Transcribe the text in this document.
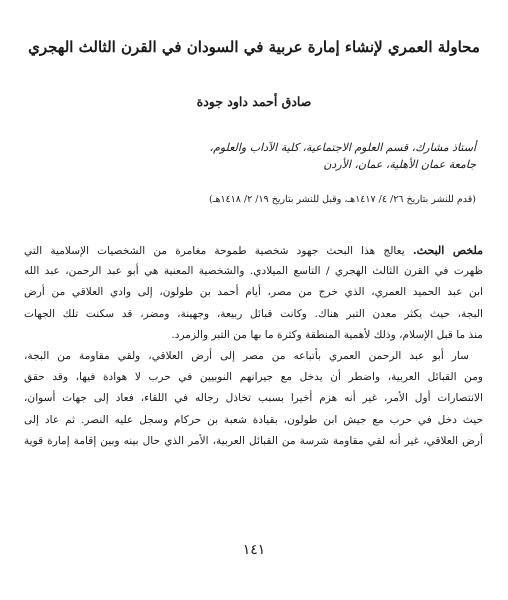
محاولة العمري لإنشاء إمارة عربية في السودان في القرن الثالث الهجري
صادق أحمد داود جودة
أستاذ مشارك، قسم العلوم الاجتماعية، كلية الآداب والعلوم،
جامعة عمان الأهلية، عمان، الأردن
(قدم للنشر بتاريخ ٢٦/ ٤/ ١٤١٧هـ، وقبل للنشر بتاريخ ١٩/ ٢/ ١٤١٨هـ)
ملخص البحث. يعالج هذا البحث جهود شخصية طموحة مغامرة من الشخصيات الإسلامية التي
ظهرت في القرن الثالث الهجري / التاسع الميلادي. والشخصية المعنية هي أبو عبد الرحمن، عبد الله
ابن عبد الحميد العمري، الذي خرج من مصر، أيام أحمد بن طولون، إلى وادي العلاقي من أرض
البجة، حيث يكثر معدن التبر هناك. وكانت قبائل ربيعة، وجهينة، ومضر، قد سكنت تلك الجهات
منذ ما قبل الإسلام، وذلك لأهمية المنطقة وكثرة ما بها من التبر والزمرد.
سار أبو عبد الرحمن العمري بأتباعه من مصر إلى أرض العلاقي، ولقي مقاومة من البجة،
ومن القبائل العربية، واضطر أن يدخل مع جيرانهم النوبيين في حرب لا هوادة فيها، وقد حقق
الانتصارات أول الأمر، غير أنه هزم أخيرا بسبب تخاذل رجاله في اللقاء، فعاد إلى جهات أسوان،
حيث دخل في حرب مع جيش ابن طولون، بقيادة شعبة بن حركام وسجل عليه النصر. ثم عاد إلى
أرض العلاقي، غير أنه لقي مقاومة شرسة من القبائل العربية، الأمر الذي حال بينه وبين إقامة إمارة قوية
١٤١
